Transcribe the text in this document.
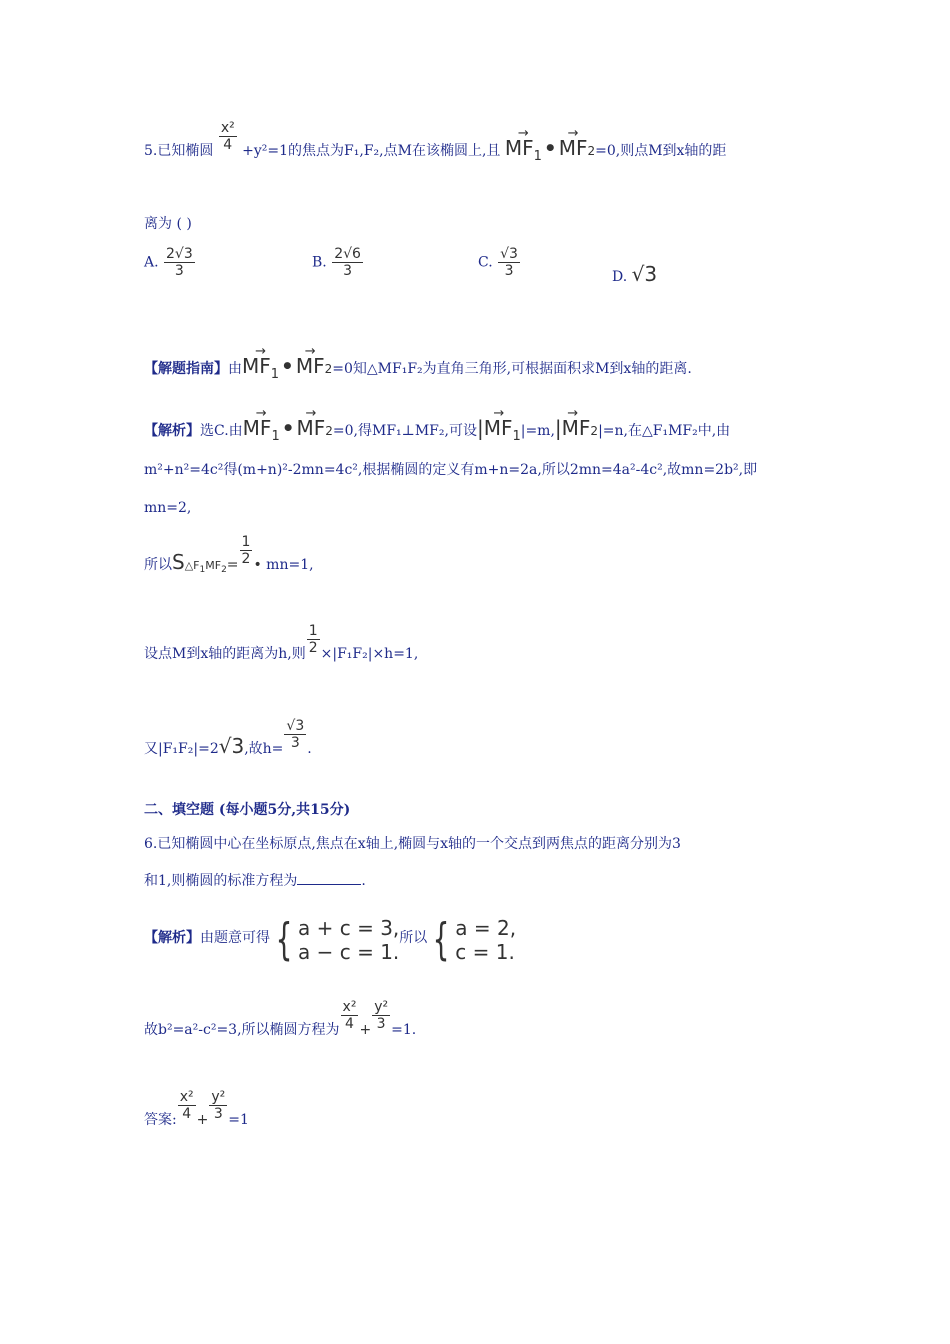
5.已知椭圆 $\frac{\text{x²}}{4} +y^2=1$的焦点为F₁,F₂,点M在该椭圆上,且 → $MF_1$ • → MF2=0,则点M到x轴的距
离为 ( )
A. $\frac{2√3}{3}$	B. $\frac{2√6}{3}$	C. $\frac{√3}{3}$	D. √3
【解题指南】由→ $MF_1$ • → MF2=0知△MF₁F₂为直角三角形,可根据面积求M到x轴的距离.
【解析】选C.由→ $MF_1$ • → MF2=0,得MF₁⊥MF₂,可设→ $|MF_1|=m,\to |MF2|=n$,在△F₁MF₂中,由
m²+n²=4c²得(m+n)²-2mn=4c²,根据椭圆的定义有m+n=2a,所以2mn=4a²-4c²,故mn=2b²,即
mn=2,
所以$S\triangle F_1MF_2= \frac{1}{2}$ • mn=1,
设点M到x轴的距离为h,则 $\frac{1}{2} \times|F_1F_2|\times h=1$,
又|F₁F₂|=2√3,故$h= \frac{√3}{3}$ .
二、填空题 (每小题5分,共15分)
6.已知椭圆中心在坐标原点,焦点在x轴上,椭圆与x轴的一个交点到两焦点的距离分别为3
和1,则椭圆的标准方程为	.
【解析】由题意可得 { a + c = 3,
a − c = 1.
所以 { a = 2,
c = 1.
故b²=a²-c²=3,所以椭圆方程为 $\frac{\text{x²}}{4} + \frac{\text{y²}}{3} =1$.
答案: $\frac{\text{x²}}{4} + \frac{\text{y²}}{3} =1$
